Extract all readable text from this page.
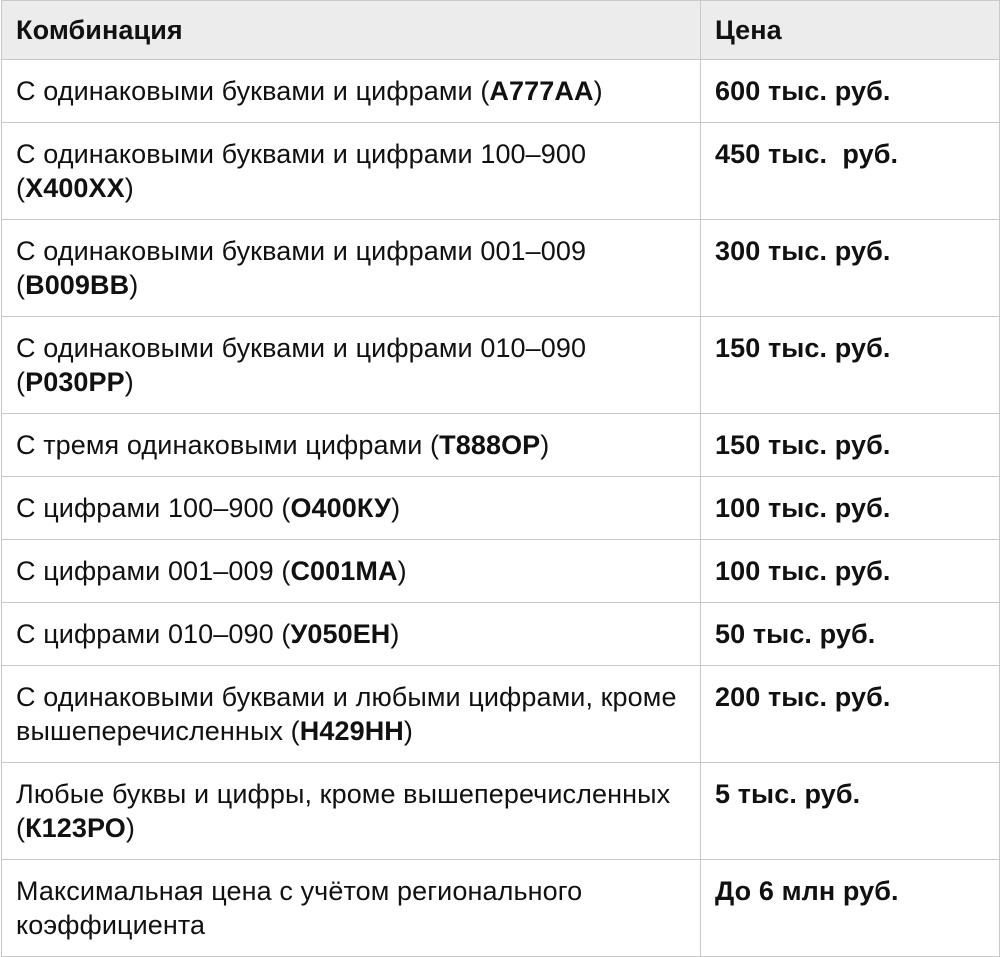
Комбинация	Цена
С одинаковыми буквами и цифрами (А777АА)	600 тыс. руб.
С одинаковыми буквами и цифрами 100–900 (Х400ХХ)	450 тыс.  руб.
С одинаковыми буквами и цифрами 001–009 (В009ВВ)	300 тыс. руб.
С одинаковыми буквами и цифрами 010–090 (Р030РР)	150 тыс. руб.
С тремя одинаковыми цифрами (Т888ОР)	150 тыс. руб.
С цифрами 100–900 (О400КУ)	100 тыс. руб.
С цифрами 001–009 (С001МА)	100 тыс. руб.
С цифрами 010–090 (У050ЕН)	50 тыс. руб.
С одинаковыми буквами и любыми цифрами, кроме вышеперечисленных (Н429НН)	200 тыс. руб.
Любые буквы и цифры, кроме вышеперечисленных (К123РО)	5 тыс. руб.
Максимальная цена с учётом регионального коэффициента	До 6 млн руб.
